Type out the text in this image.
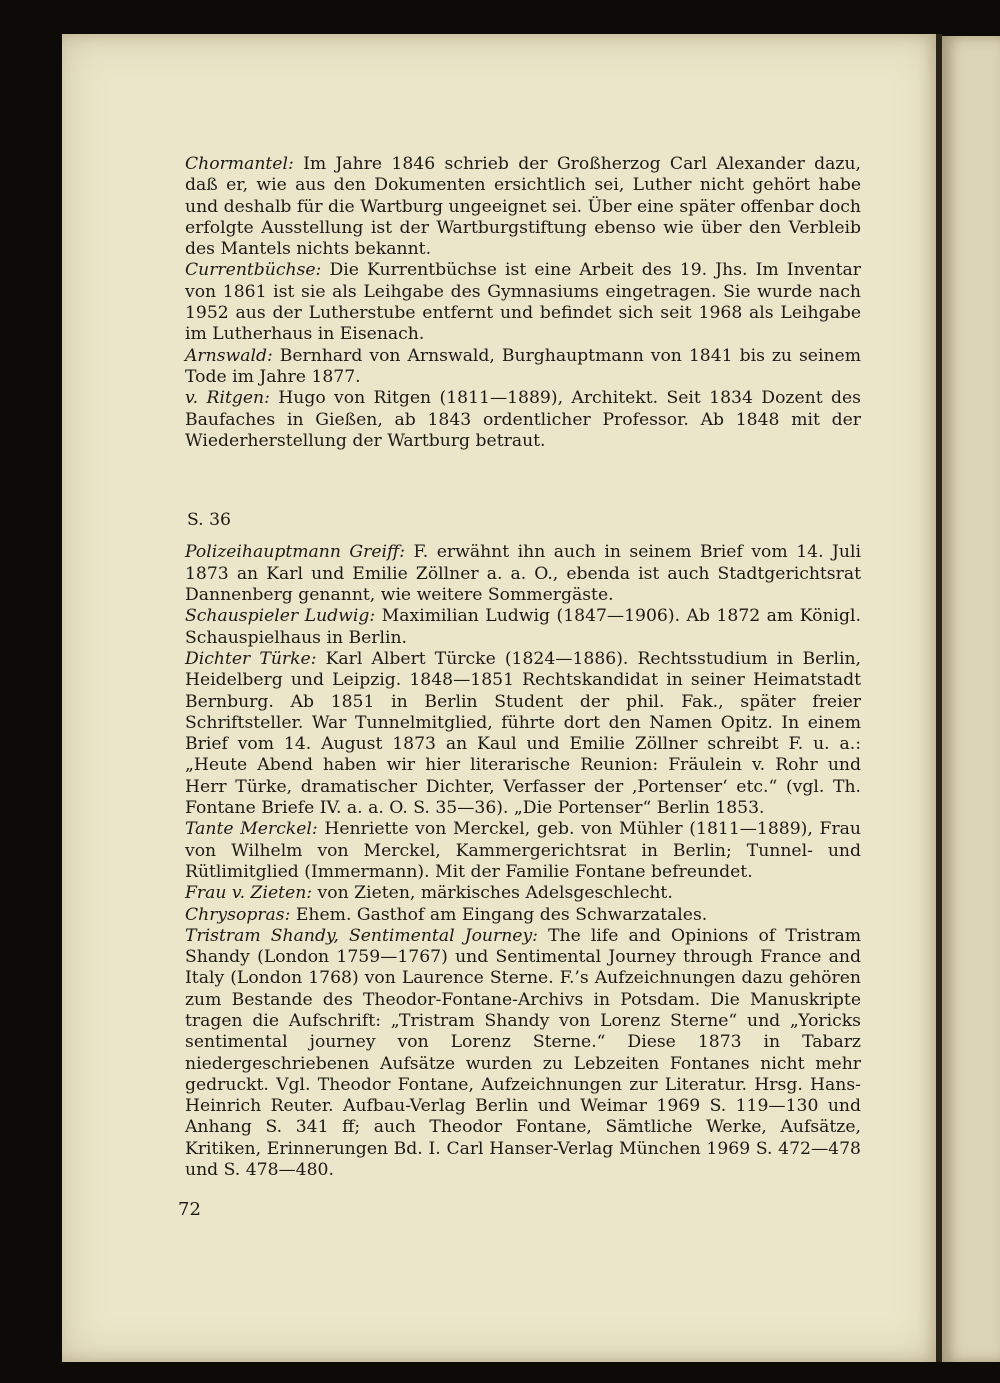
Chormantel: Im Jahre 1846 schrieb der Großherzog Carl Alexander dazu, daß er, wie aus den Dokumenten ersichtlich sei, Luther nicht gehört habe und deshalb für die Wartburg ungeeignet sei. Über eine später offenbar doch erfolgte Ausstellung ist der Wartburgstiftung ebenso wie über den Verbleib des Mantels nichts bekannt.

Currentbüchse: Die Kurrentbüchse ist eine Arbeit des 19. Jhs. Im Inventar von 1861 ist sie als Leihgabe des Gymnasiums eingetragen. Sie wurde nach 1952 aus der Lutherstube entfernt und befindet sich seit 1968 als Leihgabe im Lutherhaus in Eisenach.

Arnswald: Bernhard von Arnswald, Burghauptmann von 1841 bis zu seinem Tode im Jahre 1877.

v. Ritgen: Hugo von Ritgen (1811—1889), Architekt. Seit 1834 Dozent des Baufaches in Gießen, ab 1843 ordentlicher Professor. Ab 1848 mit der Wiederherstellung der Wartburg betraut.

S. 36

Polizeihauptmann Greiff: F. erwähnt ihn auch in seinem Brief vom 14. Juli 1873 an Karl und Emilie Zöllner a. a. O., ebenda ist auch Stadtgerichtsrat Dannenberg genannt, wie weitere Sommergäste.

Schauspieler Ludwig: Maximilian Ludwig (1847—1906). Ab 1872 am Königl. Schauspielhaus in Berlin.

Dichter Türke: Karl Albert Türcke (1824—1886). Rechtsstudium in Berlin, Heidelberg und Leipzig. 1848—1851 Rechtskandidat in seiner Heimatstadt Bernburg. Ab 1851 in Berlin Student der phil. Fak., später freier Schriftsteller. War Tunnelmitglied, führte dort den Namen Opitz. In einem Brief vom 14. August 1873 an Kaul und Emilie Zöllner schreibt F. u. a.: „Heute Abend haben wir hier literarische Reunion: Fräulein v. Rohr und Herr Türke, dramatischer Dichter, Verfasser der ‚Portenser‘ etc.“ (vgl. Th. Fontane Briefe IV. a. a. O. S. 35—36). „Die Portenser“ Berlin 1853.

Tante Merckel: Henriette von Merckel, geb. von Mühler (1811—1889), Frau von Wilhelm von Merckel, Kammergerichtsrat in Berlin; Tunnel- und Rütlimitglied (Immermann). Mit der Familie Fontane befreundet.

Frau v. Zieten: von Zieten, märkisches Adelsgeschlecht.

Chrysopras: Ehem. Gasthof am Eingang des Schwarzatales.

Tristram Shandy, Sentimental Journey: The life and Opinions of Tristram Shandy (London 1759—1767) und Sentimental Journey through France and Italy (London 1768) von Laurence Sterne. F.’s Aufzeichnungen dazu gehören zum Bestande des Theodor-Fontane-Archivs in Potsdam. Die Manuskripte tragen die Aufschrift: „Tristram Shandy von Lorenz Sterne“ und „Yoricks sentimental journey von Lorenz Sterne.“ Diese 1873 in Tabarz niedergeschriebenen Aufsätze wurden zu Lebzeiten Fontanes nicht mehr gedruckt. Vgl. Theodor Fontane, Aufzeichnungen zur Literatur. Hrsg. Hans-Heinrich Reuter. Aufbau-Verlag Berlin und Weimar 1969 S. 119—130 und Anhang S. 341 ff; auch Theodor Fontane, Sämtliche Werke, Aufsätze, Kritiken, Erinnerungen Bd. I. Carl Hanser-Verlag München 1969 S. 472—478 und S. 478—480.

72
